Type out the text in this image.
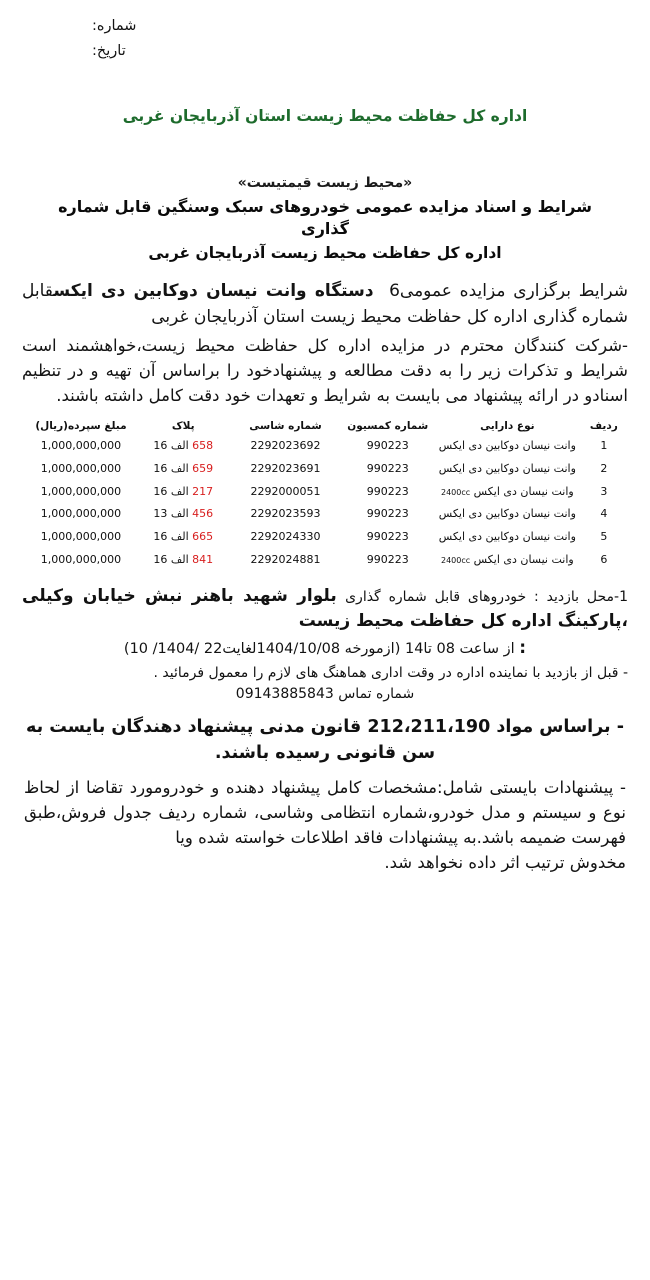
شماره:
تاریخ:
اداره کل حفاظت محیط زیست استان آذربایجان غربی
«محیط زیست قیمتیست»
شرایط و اسناد مزایده عمومی خودروهای سبک وسنگین قابل شماره گذاری
اداره کل حفاظت محیط زیست آذربایجان غربی
شرایط برگزاری مزایده عمومی6  دستگاه وانت نیسان دوکابین دی ایکسقابل شماره گذاری اداره کل حفاظت محیط زیست استان آذربایجان غربی
-شرکت کنندگان محترم در مزایده اداره کل حفاظت محیط زیست،خواهشمند است شرایط و تذکرات زیر را به دقت مطالعه و پیشنهادخود را براساس آن تهیه و در تنظیم اسنادو در ارائه پیشنهاد می بایست به شرایط و تعهدات خود دقت کامل داشته باشند.
ردیف	نوع دارایی	شماره کمسیون	شماره شاسی	پلاک	مبلغ سپرده(ریال)
1	وانت نیسان دوکابین دی ایکس	990223	2292023692	658 الف 16	1,000,000,000
2	وانت نیسان دوکابین دی ایکس	990223	2292023691	659 الف 16	1,000,000,000
3	وانت نیسان دی ایکس 2400cc	990223	2292000051	217 الف 16	1,000,000,000
4	وانت نیسان دوکابین دی ایکس	990223	2292023593	456 الف 13	1,000,000,000
5	وانت نیسان دوکابین دی ایکس	990223	2292024330	665 الف 16	1,000,000,000
6	وانت نیسان دی ایکس 2400cc	990223	2292024881	841 الف 16	1,000,000,000
1-محل بازدید : خودروهای قابل شماره گذاری بلوار شهید باهنر نبش خیابان وکیلی ،پارکینگ اداره کل حفاظت محیط زیست
: از ساعت 08 تا14 (ازمورخه 1404/10/08لغایت22 /1404/ 10)
- قبل از بازدید با نماینده اداره در وقت اداری هماهنگ های لازم را معمول فرمائید .
شماره تماس 09143885843
- براساس مواد 212،211،190 قانون مدنی پیشنهاد دهندگان بایست به سن قانونی رسیده باشند.
- پیشنهادات بایستی شامل:مشخصات کامل پیشنهاد دهنده و خودرومورد تقاضا از لحاظ نوع و سیستم و مدل خودرو،شماره انتظامی وشاسی، شماره ردیف جدول فروش،طبق فهرست ضمیمه باشد.به پیشنهادات فاقد اطلاعات خواسته شده ویا
مخدوش ترتیب اثر داده نخواهد شد.
